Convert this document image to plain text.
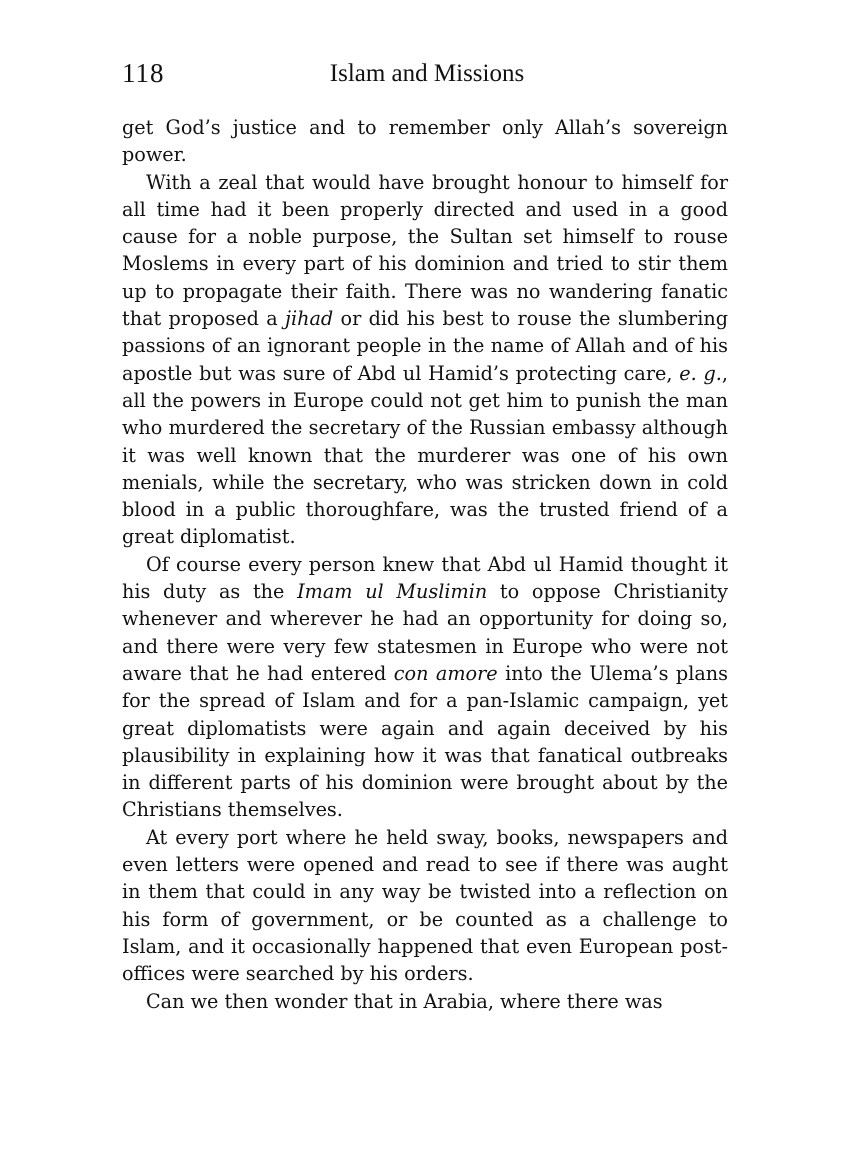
118	Islam and Missions

get God’s justice and to remember only Allah’s sovereign power.

With a zeal that would have brought honour to himself for all time had it been properly directed and used in a good cause for a noble purpose, the Sultan set himself to rouse Moslems in every part of his dominion and tried to stir them up to propagate their faith. There was no wandering fanatic that proposed a jihad or did his best to rouse the slumbering passions of an ignorant people in the name of Allah and of his apostle but was sure of Abd ul Hamid’s protecting care, e. g., all the powers in Europe could not get him to punish the man who murdered the secretary of the Russian embassy although it was well known that the murderer was one of his own menials, while the secretary, who was stricken down in cold blood in a public thoroughfare, was the trusted friend of a great diplomatist.

Of course every person knew that Abd ul Hamid thought it his duty as the Imam ul Muslimin to oppose Christianity whenever and wherever he had an opportunity for doing so, and there were very few statesmen in Europe who were not aware that he had entered con amore into the Ulema’s plans for the spread of Islam and for a pan-Islamic campaign, yet great diplomatists were again and again deceived by his plausibility in explaining how it was that fanatical outbreaks in different parts of his dominion were brought about by the Christians themselves.

At every port where he held sway, books, newspapers and even letters were opened and read to see if there was aught in them that could in any way be twisted into a reflection on his form of government, or be counted as a challenge to Islam, and it occasionally happened that even European post-offices were searched by his orders.

Can we then wonder that in Arabia, where there was
